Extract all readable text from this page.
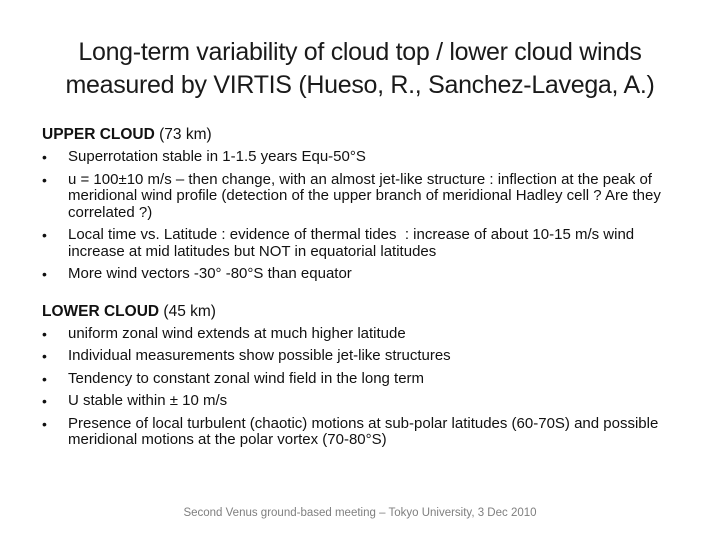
Long-term variability of cloud top / lower cloud winds
measured by VIRTIS (Hueso, R., Sanchez-Lavega, A.)
UPPER CLOUD (73 km)
•	Superrotation stable in 1-1.5 years Equ-50°S
•	u = 100±10 m/s – then change, with an almost jet-like structure : inflection at the peak of meridional wind profile (detection of the upper branch of meridional Hadley cell ? Are they correlated ?)
•	Local time vs. Latitude : evidence of thermal tides  : increase of about 10-15 m/s wind increase at mid latitudes but NOT in equatorial latitudes
•	More wind vectors -30° -80°S than equator
LOWER CLOUD (45 km)
•	uniform zonal wind extends at much higher latitude
•	Individual measurements show possible jet-like structures
•	Tendency to constant zonal wind field in the long term
•	U stable within ± 10 m/s
•	Presence of local turbulent (chaotic) motions at sub-polar latitudes (60-70S) and possible meridional motions at the polar vortex (70-80°S)
Second Venus ground-based meeting – Tokyo University, 3 Dec 2010
